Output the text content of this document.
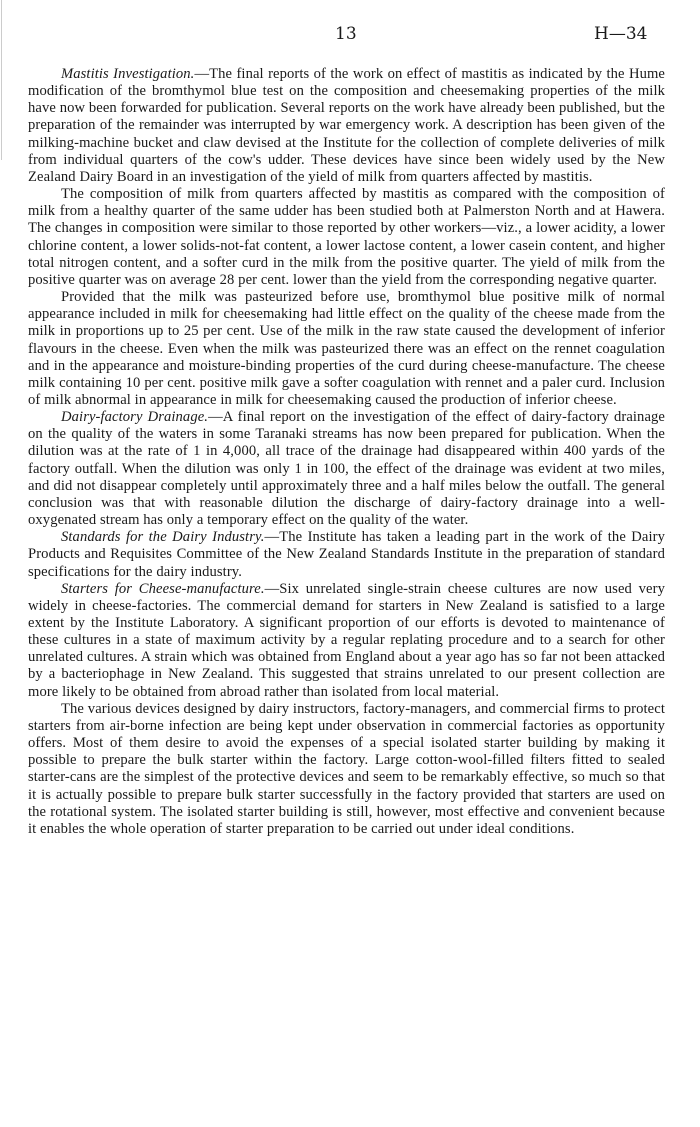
13	H—34

Mastitis Investigation.—The final reports of the work on effect of mastitis as indicated by the Hume modification of the bromthymol blue test on the composition and cheesemaking properties of the milk have now been forwarded for publication. Several reports on the work have already been published, but the preparation of the remainder was interrupted by war emergency work. A description has been given of the milking-machine bucket and claw devised at the Institute for the collection of complete deliveries of milk from individual quarters of the cow's udder. These devices have since been widely used by the New Zealand Dairy Board in an investigation of the yield of milk from quarters affected by mastitis.

The composition of milk from quarters affected by mastitis as compared with the composition of milk from a healthy quarter of the same udder has been studied both at Palmerston North and at Hawera. The changes in composition were similar to those reported by other workers—viz., a lower acidity, a lower chlorine content, a lower solids-not-fat content, a lower lactose content, a lower casein content, and higher total nitrogen content, and a softer curd in the milk from the positive quarter. The yield of milk from the positive quarter was on average 28 per cent. lower than the yield from the corresponding negative quarter.

Provided that the milk was pasteurized before use, bromthymol blue positive milk of normal appearance included in milk for cheesemaking had little effect on the quality of the cheese made from the milk in proportions up to 25 per cent. Use of the milk in the raw state caused the development of inferior flavours in the cheese. Even when the milk was pasteurized there was an effect on the rennet coagulation and in the appearance and moisture-binding properties of the curd during cheese-manufacture. The cheese milk containing 10 per cent. positive milk gave a softer coagulation with rennet and a paler curd. Inclusion of milk abnormal in appearance in milk for cheesemaking caused the production of inferior cheese.

Dairy-factory Drainage.—A final report on the investigation of the effect of dairy-factory drainage on the quality of the waters in some Taranaki streams has now been prepared for publication. When the dilution was at the rate of 1 in 4,000, all trace of the drainage had disappeared within 400 yards of the factory outfall. When the dilution was only 1 in 100, the effect of the drainage was evident at two miles, and did not disappear completely until approximately three and a half miles below the outfall. The general conclusion was that with reasonable dilution the discharge of dairy-factory drainage into a well-oxygenated stream has only a temporary effect on the quality of the water.

Standards for the Dairy Industry.—The Institute has taken a leading part in the work of the Dairy Products and Requisites Committee of the New Zealand Standards Institute in the preparation of standard specifications for the dairy industry.

Starters for Cheese-manufacture.—Six unrelated single-strain cheese cultures are now used very widely in cheese-factories. The commercial demand for starters in New Zealand is satisfied to a large extent by the Institute Laboratory. A significant proportion of our efforts is devoted to maintenance of these cultures in a state of maximum activity by a regular replating procedure and to a search for other unrelated cultures. A strain which was obtained from England about a year ago has so far not been attacked by a bacteriophage in New Zealand. This suggested that strains unrelated to our present collection are more likely to be obtained from abroad rather than isolated from local material.

The various devices designed by dairy instructors, factory-managers, and commercial firms to protect starters from air-borne infection are being kept under observation in commercial factories as opportunity offers. Most of them desire to avoid the expenses of a special isolated starter building by making it possible to prepare the bulk starter within the factory. Large cotton-wool-filled filters fitted to sealed starter-cans are the simplest of the protective devices and seem to be remarkably effective, so much so that it is actually possible to prepare bulk starter successfully in the factory provided that starters are used on the rotational system. The isolated starter building is still, however, most effective and convenient because it enables the whole operation of starter preparation to be carried out under ideal conditions.
